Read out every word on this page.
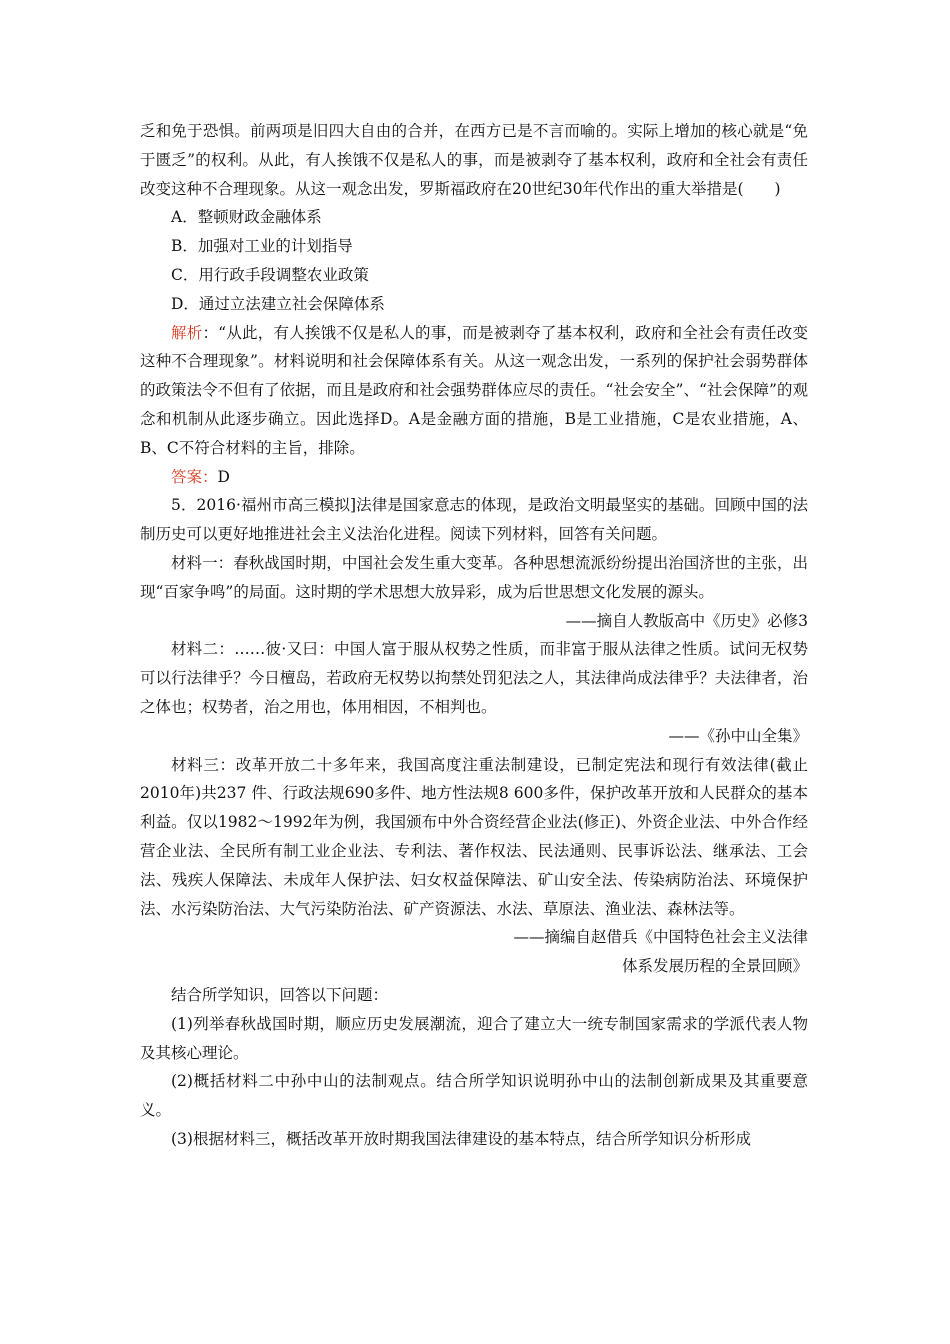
乏和免于恐惧。前两项是旧四大自由的合并，在西方已是不言而喻的。实际上增加的核心就是“免于匮乏”的权利。从此，有人挨饿不仅是私人的事，而是被剥夺了基本权利，政府和全社会有责任改变这种不合理现象。从这一观念出发，罗斯福政府在20世纪30年代作出的重大举措是(　　)

A．整顿财政金融体系

B．加强对工业的计划指导

C．用行政手段调整农业政策

D．通过立法建立社会保障体系

解析：“从此，有人挨饿不仅是私人的事，而是被剥夺了基本权利，政府和全社会有责任改变这种不合理现象”。材料说明和社会保障体系有关。从这一观念出发，一系列的保护社会弱势群体的政策法令不但有了依据，而且是政府和社会强势群体应尽的责任。“社会安全”、“社会保障”的观念和机制从此逐步确立。因此选择D。A是金融方面的措施，B是工业措施，C是农业措施，A、B、C不符合材料的主旨，排除。

答案：D

5．2016·福州市高三模拟]法律是国家意志的体现，是政治文明最坚实的基础。回顾中国的法制历史可以更好地推进社会主义法治化进程。阅读下列材料，回答有关问题。

材料一：春秋战国时期，中国社会发生重大变革。各种思想流派纷纷提出治国济世的主张，出现“百家争鸣”的局面。这时期的学术思想大放异彩，成为后世思想文化发展的源头。

——摘自人教版高中《历史》必修3

材料二：……彼·又曰：中国人富于服从权势之性质，而非富于服从法律之性质。试问无权势可以行法律乎？今日檀岛，若政府无权势以拘禁处罚犯法之人，其法律尚成法律乎？夫法律者，治之体也；权势者，治之用也，体用相因，不相判也。

——《孙中山全集》

材料三：改革开放二十多年来，我国高度注重法制建设，已制定宪法和现行有效法律(截止2010年)共237 件、行政法规690多件、地方性法规8 600多件，保护改革开放和人民群众的基本利益。仅以1982～1992年为例，我国颁布中外合资经营企业法(修正)、外资企业法、中外合作经营企业法、全民所有制工业企业法、专利法、著作权法、民法通则、民事诉讼法、继承法、工会法、残疾人保障法、未成年人保护法、妇女权益保障法、矿山安全法、传染病防治法、环境保护法、水污染防治法、大气污染防治法、矿产资源法、水法、草原法、渔业法、森林法等。

——摘编自赵借兵《中国特色社会主义法律

体系发展历程的全景回顾》

结合所学知识，回答以下问题：

(1)列举春秋战国时期，顺应历史发展潮流，迎合了建立大一统专制国家需求的学派代表人物及其核心理论。

(2)概括材料二中孙中山的法制观点。结合所学知识说明孙中山的法制创新成果及其重要意义。

(3)根据材料三，概括改革开放时期我国法律建设的基本特点，结合所学知识分析形成
